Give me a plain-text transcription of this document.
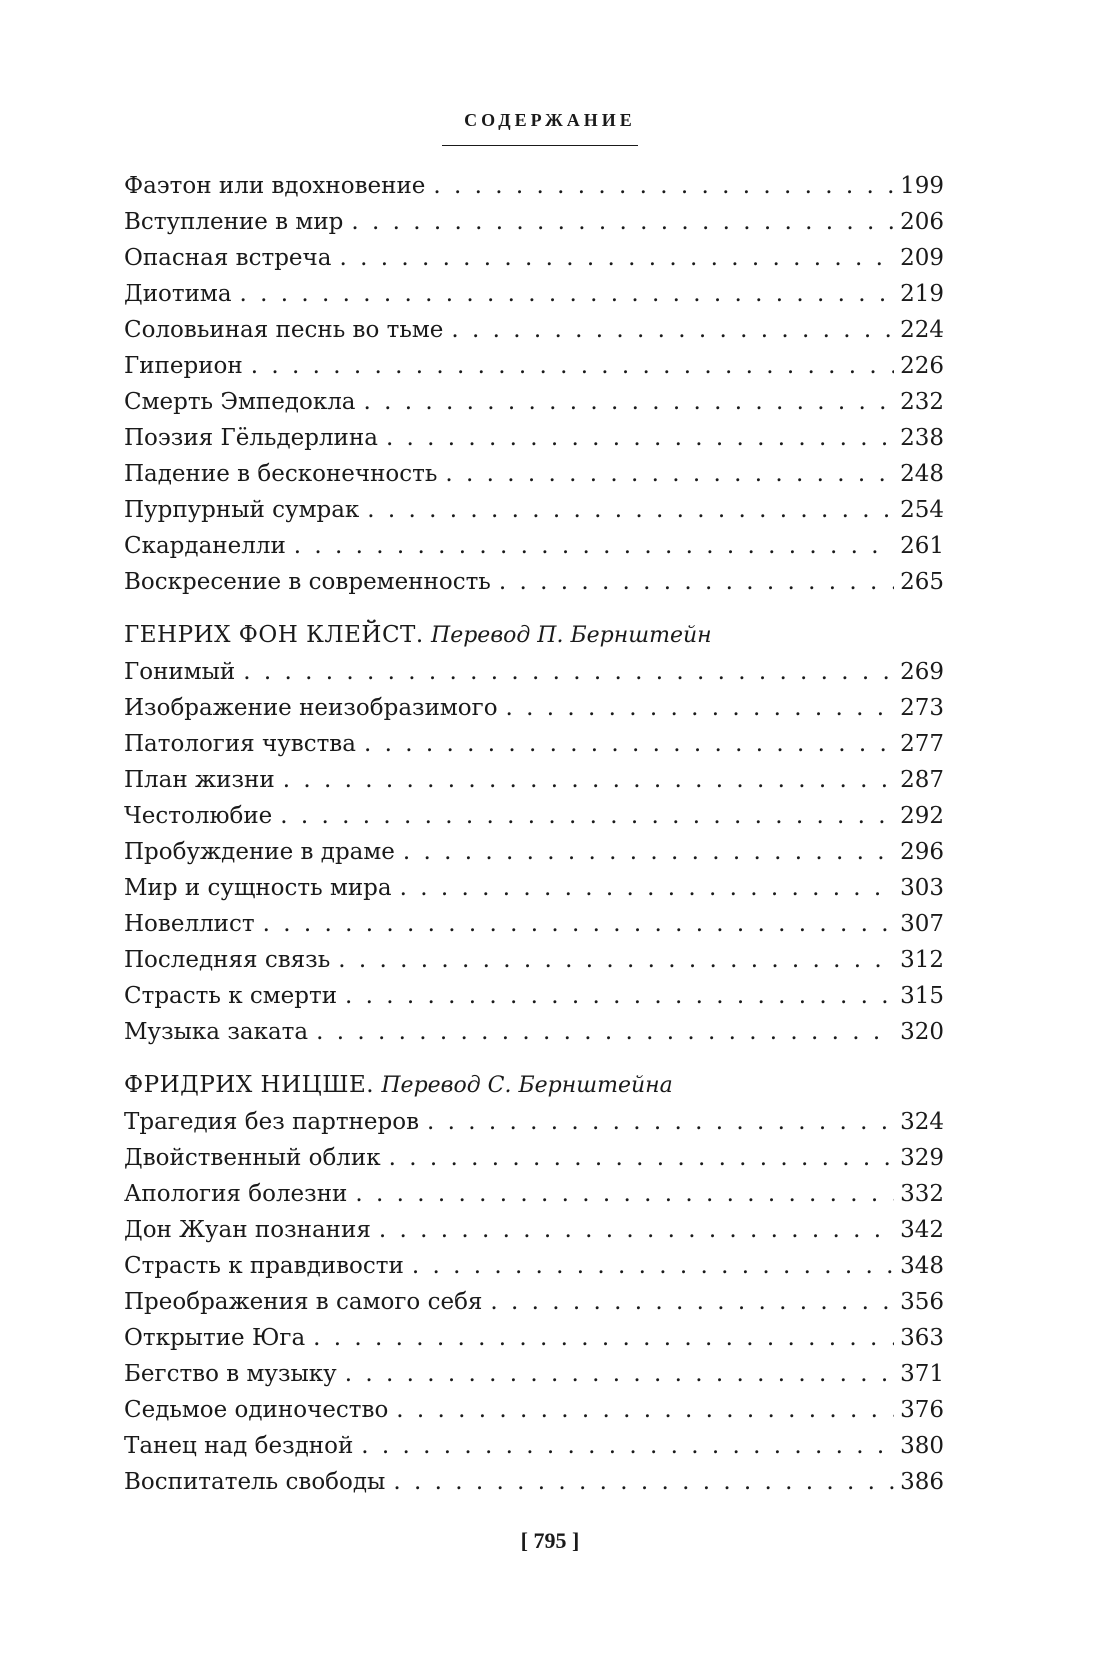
СОДЕРЖАНИЕ
Фаэтон или вдохновение . . .	199
Вступление в мир . . .	206
Опасная встреча . . .	209
Диотима . . .	219
Соловьиная песнь во тьме . . .	224
Гиперион . . .	226
Смерть Эмпедокла . . .	232
Поэзия Гёльдерлина . . .	238
Падение в бесконечность . . .	248
Пурпурный сумрак . . .	254
Скарданелли . . .	261
Воскресение в современность . . .	265
ГЕНРИХ ФОН КЛЕЙСТ. Перевод П. Бернштейн
Гонимый . . .	269
Изображение неизобразимого . . .	273
Патология чувства . . .	277
План жизни . . .	287
Честолюбие . . .	292
Пробуждение в драме . . .	296
Мир и сущность мира . . .	303
Новеллист . . .	307
Последняя связь . . .	312
Страсть к смерти . . .	315
Музыка заката . . .	320
ФРИДРИХ НИЦШЕ. Перевод С. Бернштейна
Трагедия без партнеров . . .	324
Двойственный облик . . .	329
Апология болезни . . .	332
Дон Жуан познания . . .	342
Страсть к правдивости . . .	348
Преображения в самого себя . . .	356
Открытие Юга . . .	363
Бегство в музыку . . .	371
Седьмое одиночество . . .	376
Танец над бездной . . .	380
Воспитатель свободы . . .	386
[ 795 ]
